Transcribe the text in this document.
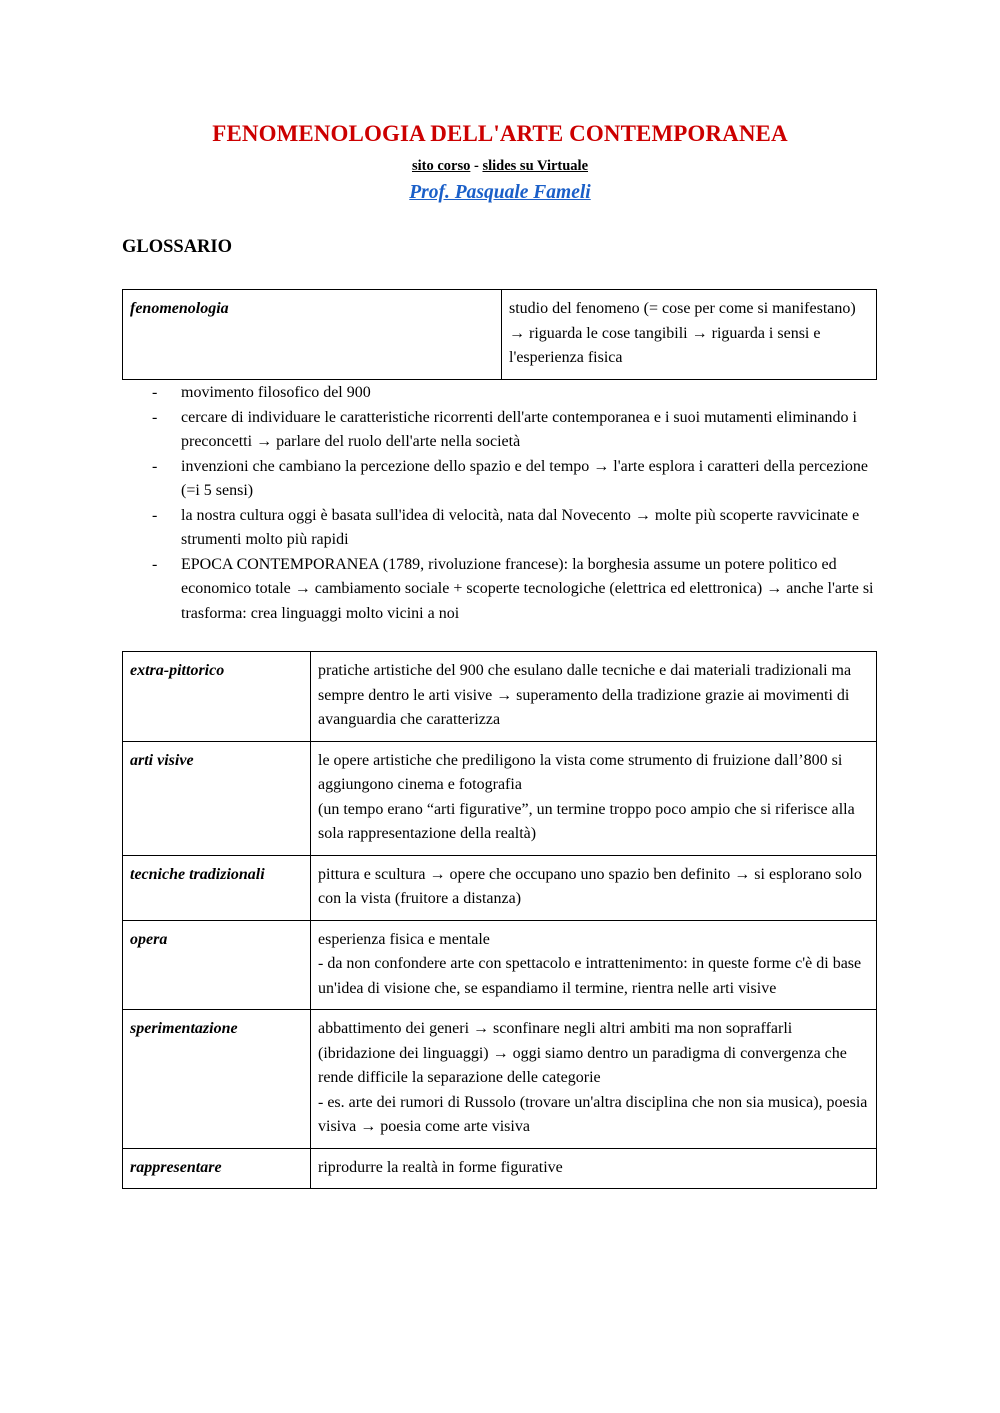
FENOMENOLOGIA DELL'ARTE CONTEMPORANEA
sito corso - slides su Virtuale
Prof. Pasquale Fameli
GLOSSARIO
fenomenologia	studio del fenomeno (= cose per come si manifestano) → riguarda le cose tangibili → riguarda i sensi e l'esperienza fisica
- movimento filosofico del 900
- cercare di individuare le caratteristiche ricorrenti dell'arte contemporanea e i suoi mutamenti eliminando i preconcetti → parlare del ruolo dell'arte nella società
- invenzioni che cambiano la percezione dello spazio e del tempo → l'arte esplora i caratteri della percezione (=i 5 sensi)
- la nostra cultura oggi è basata sull'idea di velocità, nata dal Novecento → molte più scoperte ravvicinate e strumenti molto più rapidi
- EPOCA CONTEMPORANEA (1789, rivoluzione francese): la borghesia assume un potere politico ed economico totale → cambiamento sociale + scoperte tecnologiche (elettrica ed elettronica) → anche l'arte si trasforma: crea linguaggi molto vicini a noi
extra-pittorico	pratiche artistiche del 900 che esulano dalle tecniche e dai materiali tradizionali ma sempre dentro le arti visive → superamento della tradizione grazie ai movimenti di avanguardia che caratterizza
arti visive	le opere artistiche che prediligono la vista come strumento di fruizione dall’800 si aggiungono cinema e fotografia
(un tempo erano “arti figurative”, un termine troppo poco ampio che si riferisce alla sola rappresentazione della realtà)
tecniche tradizionali	pittura e scultura → opere che occupano uno spazio ben definito → si esplorano solo con la vista (fruitore a distanza)
opera	esperienza fisica e mentale
- da non confondere arte con spettacolo e intrattenimento: in queste forme c'è di base un'idea di visione che, se espandiamo il termine, rientra nelle arti visive
sperimentazione	abbattimento dei generi → sconfinare negli altri ambiti ma non sopraffarli (ibridazione dei linguaggi) → oggi siamo dentro un paradigma di convergenza che rende difficile la separazione delle categorie
- es. arte dei rumori di Russolo (trovare un'altra disciplina che non sia musica), poesia visiva → poesia come arte visiva
rappresentare	riprodurre la realtà in forme figurative
